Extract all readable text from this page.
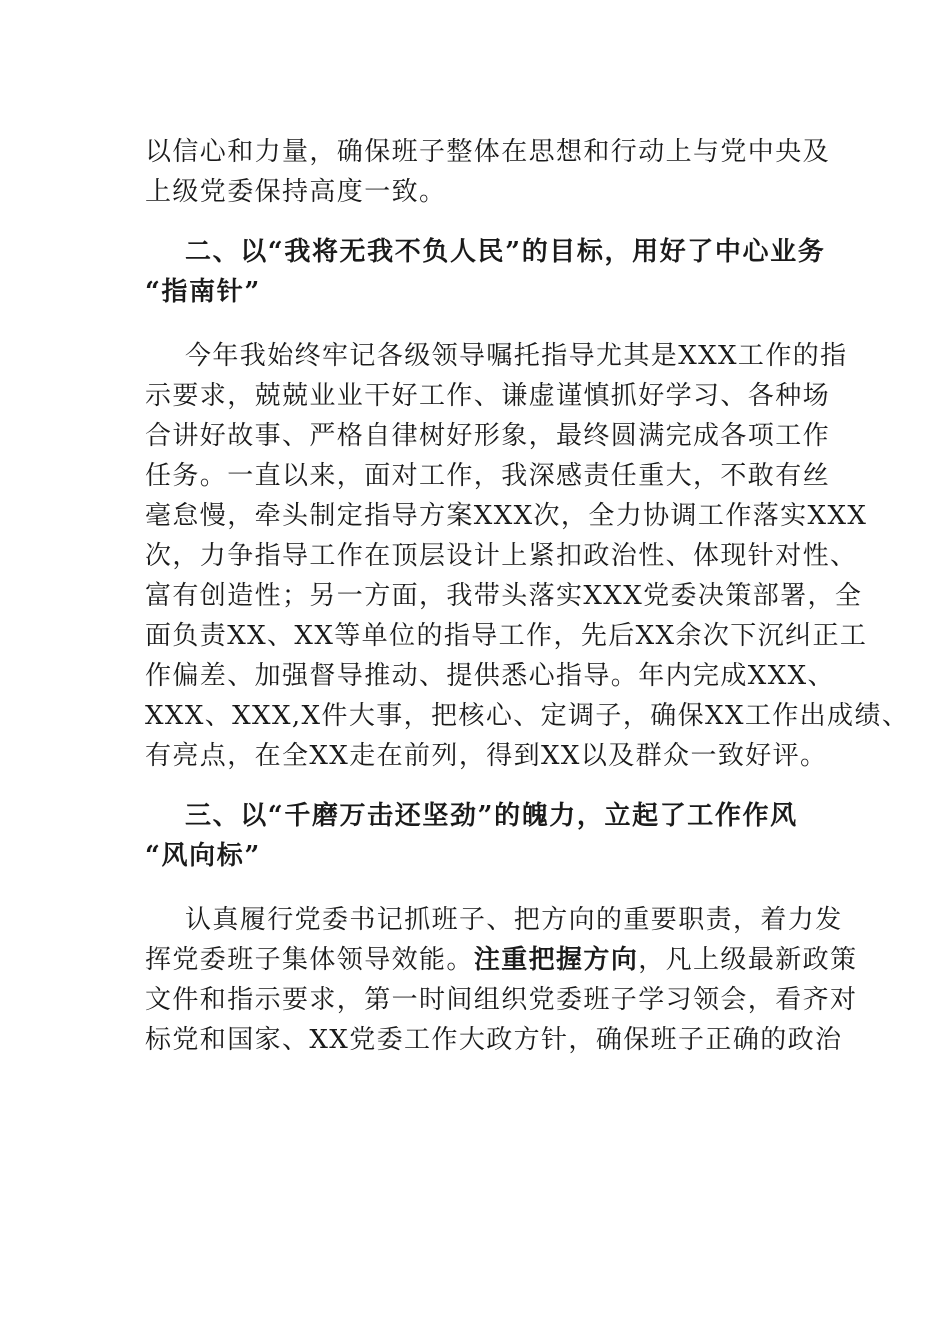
以信心和力量，确保班子整体在思想和行动上与党中央及
上级党委保持高度一致。
二、以“我将无我不负人民”的目标，用好了中心业务
“指南针”
今年我始终牢记各级领导嘱托指导尤其是XXX工作的指
示要求，兢兢业业干好工作、谦虚谨慎抓好学习、各种场
合讲好故事、严格自律树好形象，最终圆满完成各项工作
任务。一直以来，面对工作，我深感责任重大，不敢有丝
毫怠慢，牵头制定指导方案XXX次，全力协调工作落实XXX
次，力争指导工作在顶层设计上紧扣政治性、体现针对性、
富有创造性；另一方面，我带头落实XXX党委决策部署，全
面负责XX、XX等单位的指导工作，先后XX余次下沉纠正工
作偏差、加强督导推动、提供悉心指导。年内完成XXX、
XXX、XXX,X件大事，把核心、定调子，确保XX工作出成绩、
有亮点，在全XX走在前列，得到XX以及群众一致好评。
三、以“千磨万击还坚劲”的魄力，立起了工作作风
“风向标”
认真履行党委书记抓班子、把方向的重要职责，着力发
挥党委班子集体领导效能。注重把握方向，凡上级最新政策
文件和指示要求，第一时间组织党委班子学习领会，看齐对
标党和国家、XX党委工作大政方针，确保班子正确的政治
